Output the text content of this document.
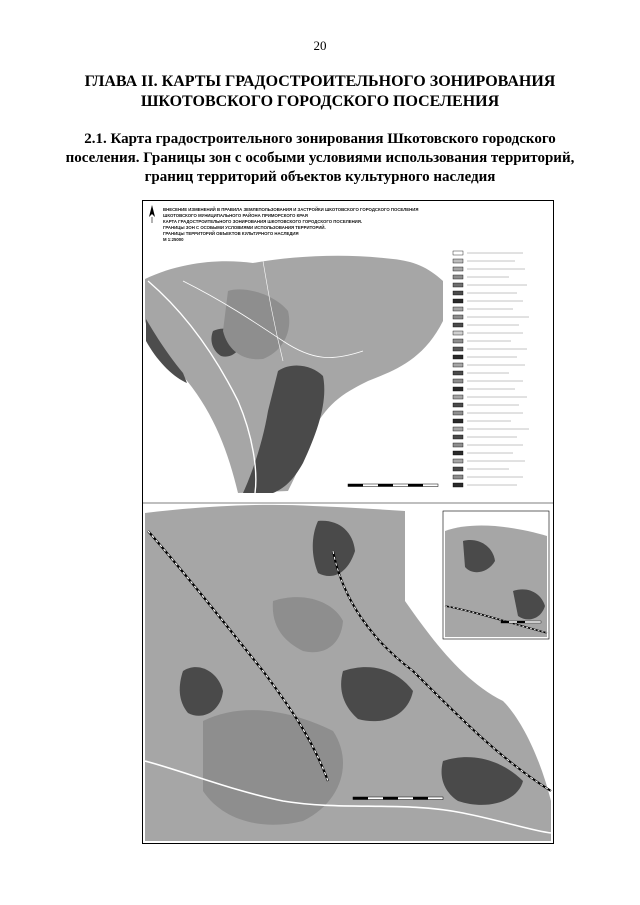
20
ГЛАВА II. КАРТЫ ГРАДОСТРОИТЕЛЬНОГО ЗОНИРОВАНИЯ
ШКОТОВСКОГО ГОРОДСКОГО ПОСЕЛЕНИЯ
2.1. Карта градостроительного зонирования Шкотовского городского
поселения. Границы зон с особыми условиями использования территорий,
границ территорий объектов культурного наследия
ВНЕСЕНИЕ ИЗМЕНЕНИЙ В ПРАВИЛА ЗЕМЛЕПОЛЬЗОВАНИЯ И ЗАСТРОЙКИ ШКОТОВСКОГО ГОРОДСКОГО ПОСЕЛЕНИЯ
ШКОТОВСКОГО МУНИЦИПАЛЬНОГО РАЙОНА ПРИМОРСКОГО КРАЯ
КАРТА ГРАДОСТРОИТЕЛЬНОГО ЗОНИРОВАНИЯ ШКОТОВСКОГО ГОРОДСКОГО ПОСЕЛЕНИЯ.
ГРАНИЦЫ ЗОН С ОСОБЫМИ УСЛОВИЯМИ ИСПОЛЬЗОВАНИЯ ТЕРРИТОРИЙ.
ГРАНИЦЫ ТЕРРИТОРИЙ ОБЪЕКТОВ КУЛЬТУРНОГО НАСЛЕДИЯ
М 1:25000
